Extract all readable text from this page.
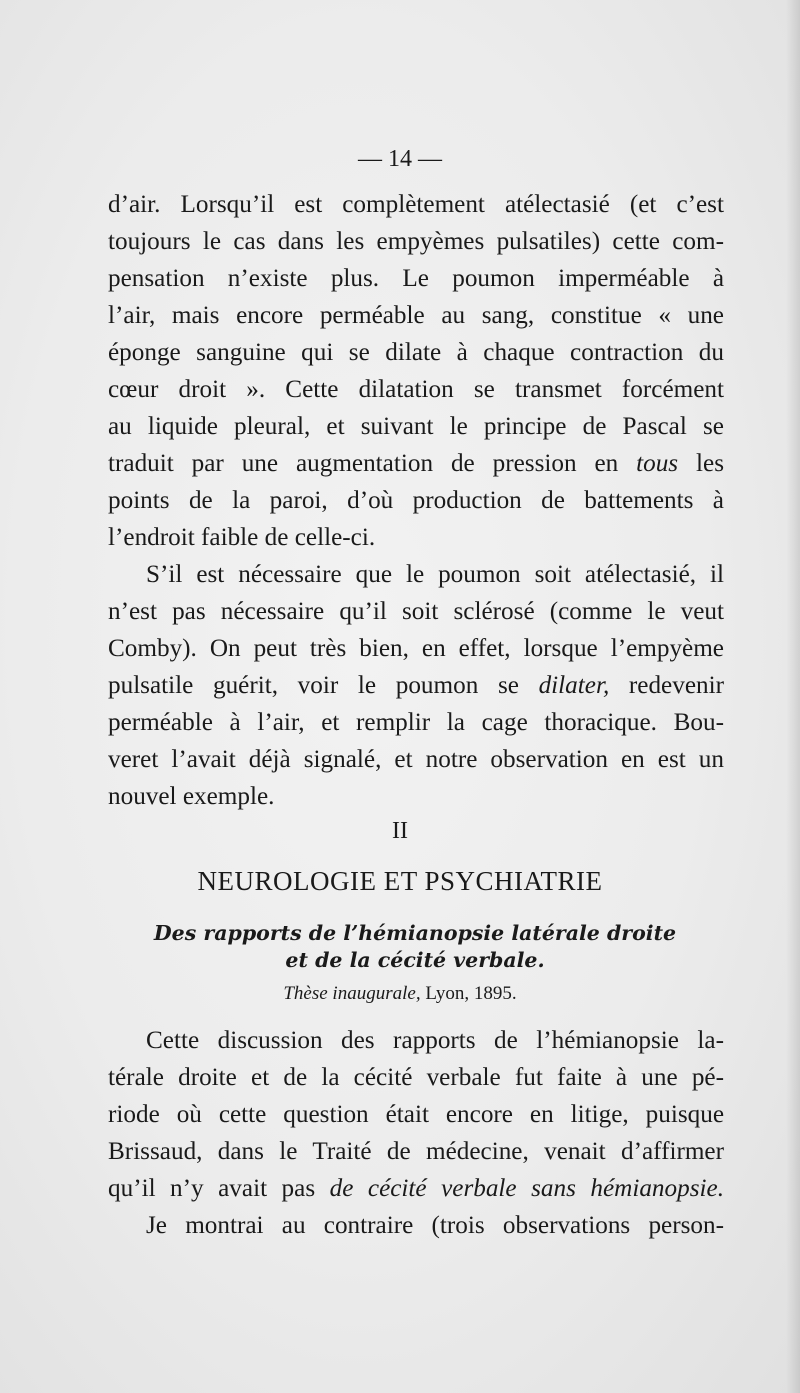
— 14 —

d’air. Lorsqu’il est complètement atélectasié (et c’est
toujours le cas dans les empyèmes pulsatiles) cette com-
pensation n’existe plus. Le poumon imperméable à
l’air, mais encore perméable au sang, constitue « une
éponge sanguine qui se dilate à chaque contraction du
cœur droit ». Cette dilatation se transmet forcément
au liquide pleural, et suivant le principe de Pascal se
traduit par une augmentation de pression en tous les
points de la paroi, d’où production de battements à
l’endroit faible de celle-ci.

S’il est nécessaire que le poumon soit atélectasié, il
n’est pas nécessaire qu’il soit sclérosé (comme le veut
Comby). On peut très bien, en effet, lorsque l’empyème
pulsatile guérit, voir le poumon se dilater, redevenir
perméable à l’air, et remplir la cage thoracique. Bou-
veret l’avait déjà signalé, et notre observation en est un
nouvel exemple.

II
NEUROLOGIE ET PSYCHIATRIE
Des rapports de l’hémianopsie latérale droite
et de la cécité verbale.
Thèse inaugurale, Lyon, 1895.

Cette discussion des rapports de l’hémianopsie la-
térale droite et de la cécité verbale fut faite à une pé-
riode où cette question était encore en litige, puisque
Brissaud, dans le Traité de médecine, venait d’affirmer
qu’il n’y avait pas de cécité verbale sans hémianopsie.
Je montrai au contraire (trois observations person-
